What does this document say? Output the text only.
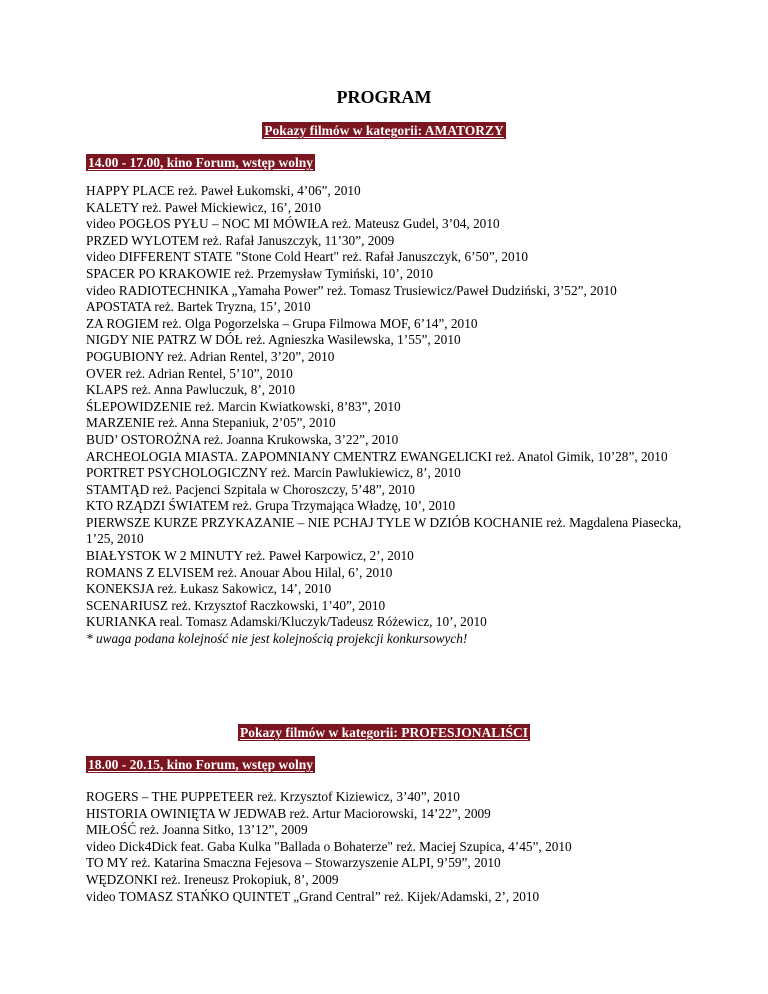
PROGRAM
Pokazy filmów w kategorii: AMATORZY
14.00 - 17.00, kino Forum, wstęp wolny
HAPPY PLACE reż. Paweł Łukomski, 4’06”, 2010
KALETY reż. Paweł Mickiewicz, 16’, 2010
video POGŁOS PYŁU – NOC MI MÓWIŁA reż. Mateusz Gudel, 3’04, 2010
PRZED WYLOTEM reż. Rafał Januszczyk, 11’30”, 2009
video DIFFERENT STATE "Stone Cold Heart" reż. Rafał Januszczyk, 6’50”, 2010
SPACER PO KRAKOWIE reż. Przemysław Tymiński, 10’, 2010
video RADIOTECHNIKA „Yamaha Power” reż. Tomasz Trusiewicz/Paweł Dudziński, 3’52”, 2010
APOSTATA reż. Bartek Tryzna, 15’, 2010
ZA ROGIEM reż. Olga Pogorzelska – Grupa Filmowa MOF, 6’14”, 2010
NIGDY NIE PATRZ W DÓŁ reż. Agnieszka Wasilewska, 1’55”, 2010
POGUBIONY reż. Adrian Rentel, 3’20”, 2010
OVER reż. Adrian Rentel, 5’10”, 2010
KLAPS reż. Anna Pawluczuk, 8’, 2010
ŚLEPOWIDZENIE reż. Marcin Kwiatkowski, 8’83”, 2010
MARZENIE reż. Anna Stepaniuk, 2’05”, 2010
BUD’ OSTOROŻNA reż. Joanna Krukowska, 3’22”, 2010
ARCHEOLOGIA MIASTA. ZAPOMNIANY CMENTRZ EWANGELICKI reż. Anatol Gimik, 10’28”, 2010
PORTRET PSYCHOLOGICZNY reż. Marcin Pawlukiewicz, 8’, 2010
STAMTĄD reż. Pacjenci Szpitala w Choroszczy, 5’48”, 2010
KTO RZĄDZI ŚWIATEM reż. Grupa Trzymająca Władzę, 10’, 2010
PIERWSZE KURZE PRZYKAZANIE – NIE PCHAJ TYLE W DZIÓB KOCHANIE reż. Magdalena Piasecka, 1’25, 2010
BIAŁYSTOK W 2 MINUTY reż. Paweł Karpowicz, 2’, 2010
ROMANS Z ELVISEM reż. Anouar Abou Hilal, 6’, 2010
KONEKSJA reż. Łukasz Sakowicz, 14’, 2010
SCENARIUSZ reż. Krzysztof Raczkowski, 1’40”, 2010
KURIANKA real. Tomasz Adamski/Kluczyk/Tadeusz Różewicz, 10’, 2010
* uwaga podana kolejność nie jest kolejnością projekcji konkursowych!
Pokazy filmów w kategorii: PROFESJONALIŚCI
18.00 - 20.15, kino Forum, wstęp wolny
ROGERS – THE PUPPETEER reż. Krzysztof Kiziewicz, 3’40”, 2010
HISTORIA OWINIĘTA W JEDWAB reż. Artur Maciorowski, 14’22”, 2009
MIŁOŚĆ reż. Joanna Sitko, 13’12”, 2009
video Dick4Dick feat. Gaba Kulka "Ballada o Bohaterze" reż. Maciej Szupica, 4’45”, 2010
TO MY reż. Katarina Smaczna Fejesova – Stowarzyszenie ALPI, 9’59”, 2010
WĘDZONKI reż. Ireneusz Prokopiuk, 8’, 2009
video TOMASZ STAŃKO QUINTET „Grand Central” reż. Kijek/Adamski, 2’, 2010
